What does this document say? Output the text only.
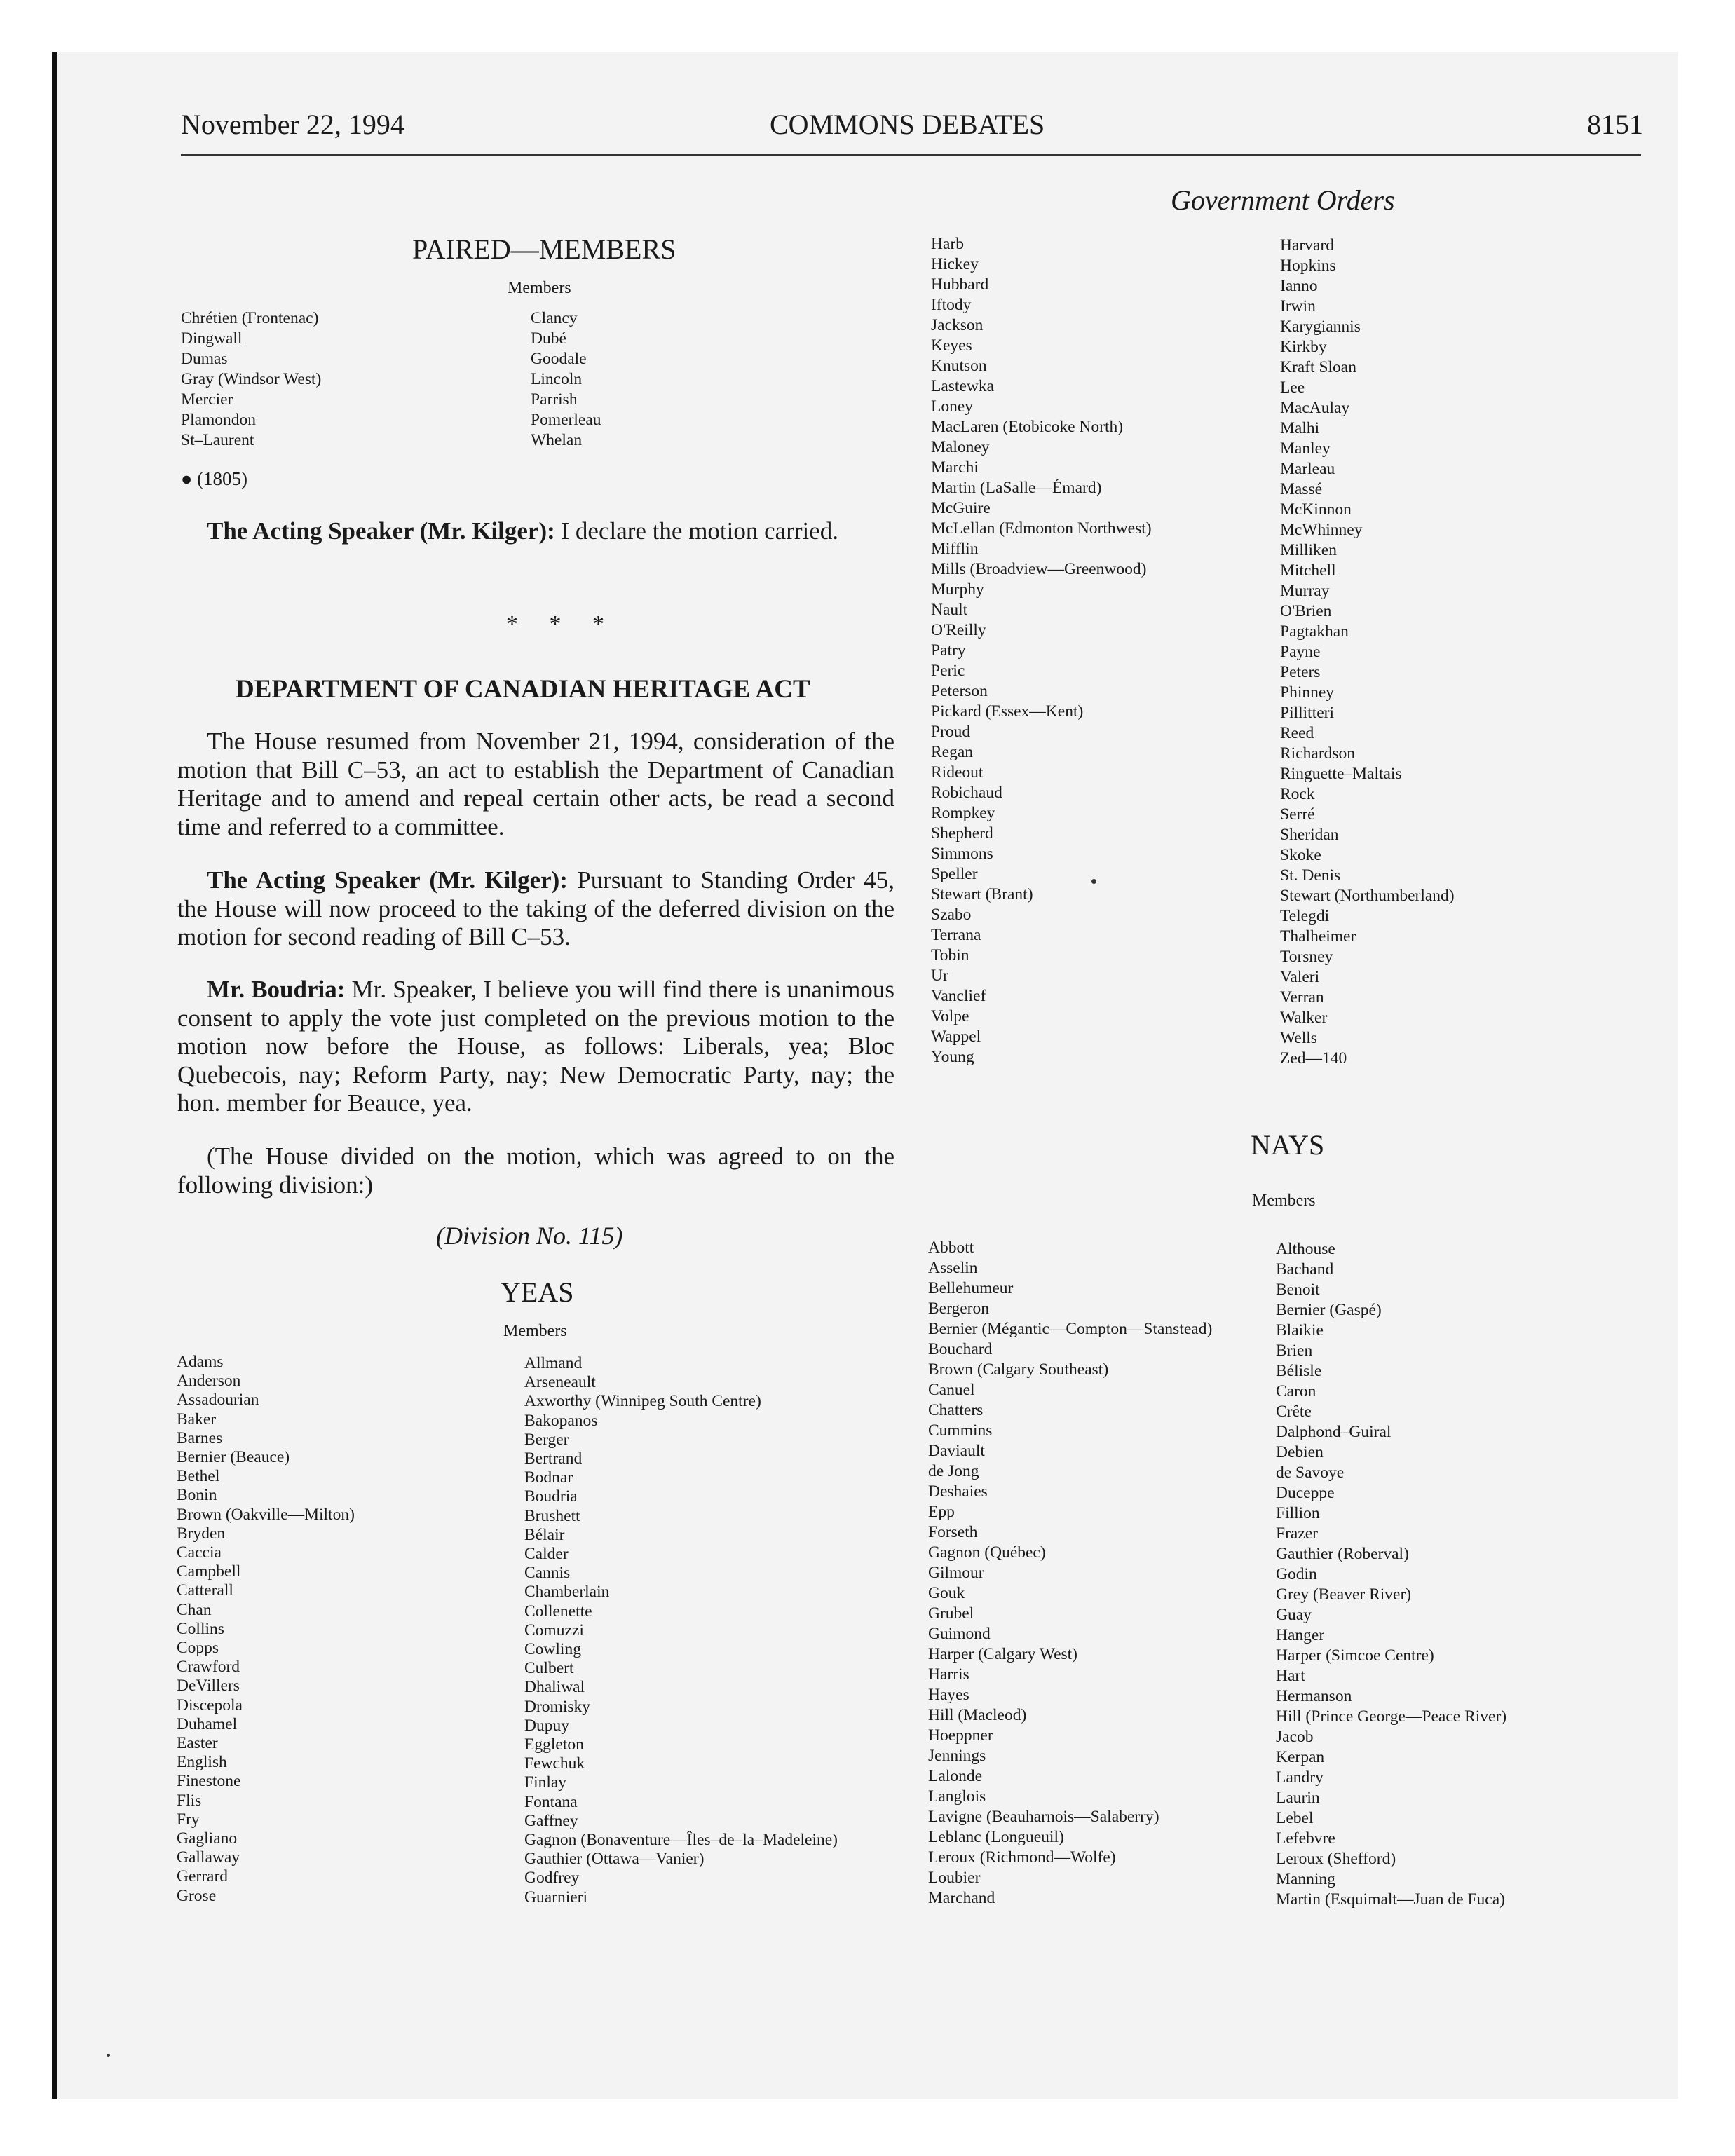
November 22, 1994	COMMONS DEBATES	8151
Government Orders
PAIRED—MEMBERS
Members
Chrétien (Frontenac)
Dingwall
Dumas
Gray (Windsor West)
Mercier
Plamondon
St–Laurent
Clancy
Dubé
Goodale
Lincoln
Parrish
Pomerleau
Whelan
● (1805)

The Acting Speaker (Mr. Kilger): I declare the motion carried.

* * *
DEPARTMENT OF CANADIAN HERITAGE ACT

The House resumed from November 21, 1994, consideration of the motion that Bill C–53, an act to establish the Department of Canadian Heritage and to amend and repeal certain other acts, be read a second time and referred to a committee.

The Acting Speaker (Mr. Kilger): Pursuant to Standing Order 45, the House will now proceed to the taking of the deferred division on the motion for second reading of Bill C–53.

Mr. Boudria: Mr. Speaker, I believe you will find there is unanimous consent to apply the vote just completed on the previous motion to the motion now before the House, as follows: Liberals, yea; Bloc Quebecois, nay; Reform Party, nay; New Democratic Party, nay; the hon. member for Beauce, yea.

(The House divided on the motion, which was agreed to on the following division:)

(Division No. 115)
YEAS
Members
Adams
Anderson
Assadourian
Baker
Barnes
Bernier (Beauce)
Bethel
Bonin
Brown (Oakville—Milton)
Bryden
Caccia
Campbell
Catterall
Chan
Collins
Copps
Crawford
DeVillers
Discepola
Duhamel
Easter
English
Finestone
Flis
Fry
Gagliano
Gallaway
Gerrard
Grose
Allmand
Arseneault
Axworthy (Winnipeg South Centre)
Bakopanos
Berger
Bertrand
Bodnar
Boudria
Brushett
Bélair
Calder
Cannis
Chamberlain
Collenette
Comuzzi
Cowling
Culbert
Dhaliwal
Dromisky
Dupuy
Eggleton
Fewchuk
Finlay
Fontana
Gaffney
Gagnon (Bonaventure—Îles–de–la–Madeleine)
Gauthier (Ottawa—Vanier)
Godfrey
Guarnieri
Harb
Hickey
Hubbard
Iftody
Jackson
Keyes
Knutson
Lastewka
Loney
MacLaren (Etobicoke North)
Maloney
Marchi
Martin (LaSalle—Émard)
McGuire
McLellan (Edmonton Northwest)
Mifflin
Mills (Broadview—Greenwood)
Murphy
Nault
O'Reilly
Patry
Peric
Peterson
Pickard (Essex—Kent)
Proud
Regan
Rideout
Robichaud
Rompkey
Shepherd
Simmons
Speller
Stewart (Brant)
Szabo
Terrana
Tobin
Ur
Vanclief
Volpe
Wappel
Young
Harvard
Hopkins
Ianno
Irwin
Karygiannis
Kirkby
Kraft Sloan
Lee
MacAulay
Malhi
Manley
Marleau
Massé
McKinnon
McWhinney
Milliken
Mitchell
Murray
O'Brien
Pagtakhan
Payne
Peters
Phinney
Pillitteri
Reed
Richardson
Ringuette–Maltais
Rock
Serré
Sheridan
Skoke
St. Denis
Stewart (Northumberland)
Telegdi
Thalheimer
Torsney
Valeri
Verran
Walker
Wells
Zed—140
NAYS
Members
Abbott
Asselin
Bellehumeur
Bergeron
Bernier (Mégantic—Compton—Stanstead)
Bouchard
Brown (Calgary Southeast)
Canuel
Chatters
Cummins
Daviault
de Jong
Deshaies
Epp
Forseth
Gagnon (Québec)
Gilmour
Gouk
Grubel
Guimond
Harper (Calgary West)
Harris
Hayes
Hill (Macleod)
Hoeppner
Jennings
Lalonde
Langlois
Lavigne (Beauharnois—Salaberry)
Leblanc (Longueuil)
Leroux (Richmond—Wolfe)
Loubier
Marchand
Althouse
Bachand
Benoit
Bernier (Gaspé)
Blaikie
Brien
Bélisle
Caron
Crête
Dalphond–Guiral
Debien
de Savoye
Duceppe
Fillion
Frazer
Gauthier (Roberval)
Godin
Grey (Beaver River)
Guay
Hanger
Harper (Simcoe Centre)
Hart
Hermanson
Hill (Prince George—Peace River)
Jacob
Kerpan
Landry
Laurin
Lebel
Lefebvre
Leroux (Shefford)
Manning
Martin (Esquimalt—Juan de Fuca)
